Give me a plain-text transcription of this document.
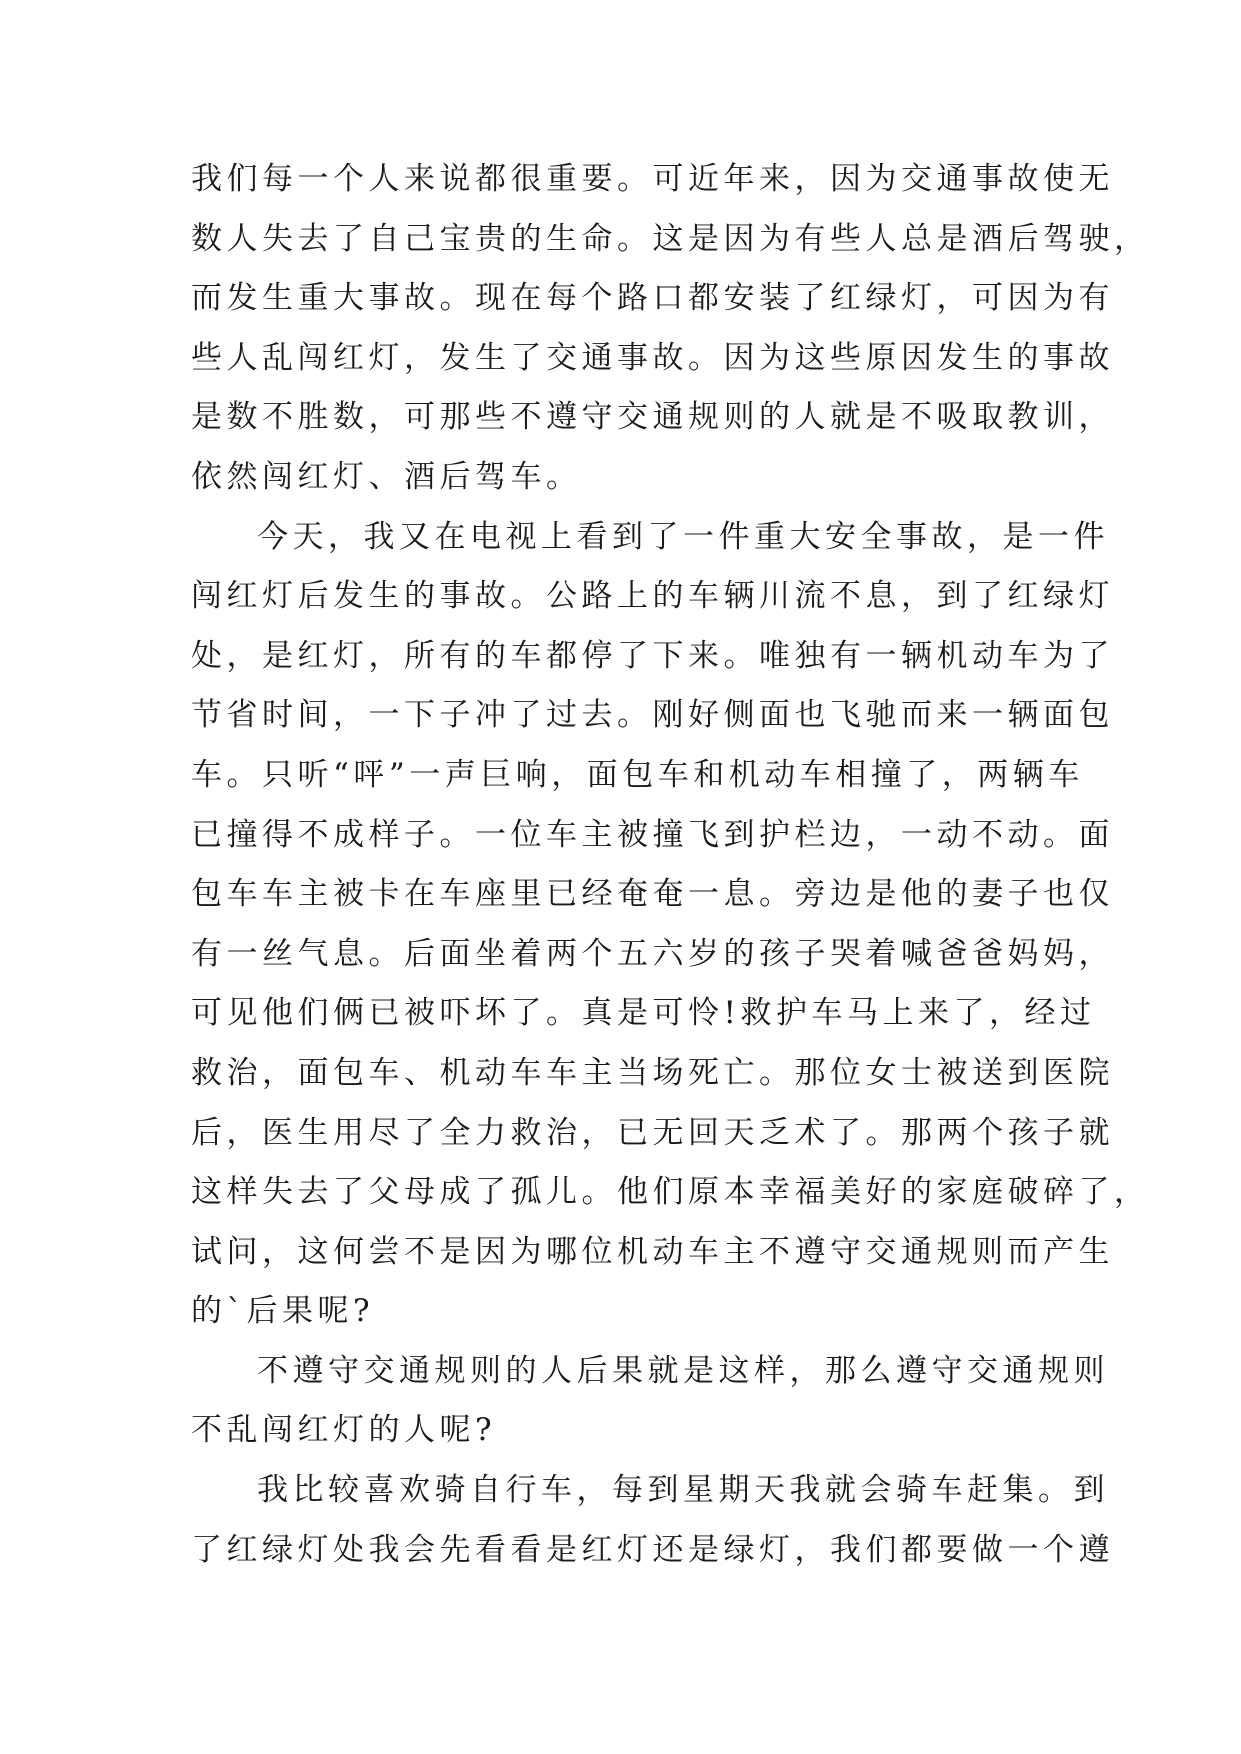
我们每一个人来说都很重要。可近年来，因为交通事故使无
数人失去了自己宝贵的生命。这是因为有些人总是酒后驾驶，
而发生重大事故。现在每个路口都安装了红绿灯，可因为有
些人乱闯红灯，发生了交通事故。因为这些原因发生的事故
是数不胜数，可那些不遵守交通规则的人就是不吸取教训，
依然闯红灯、酒后驾车。
今天，我又在电视上看到了一件重大安全事故，是一件
闯红灯后发生的事故。公路上的车辆川流不息，到了红绿灯
处，是红灯，所有的车都停了下来。唯独有一辆机动车为了
节省时间，一下子冲了过去。刚好侧面也飞驰而来一辆面包
车。只听“呯”一声巨响，面包车和机动车相撞了，两辆车
已撞得不成样子。一位车主被撞飞到护栏边，一动不动。面
包车车主被卡在车座里已经奄奄一息。旁边是他的妻子也仅
有一丝气息。后面坐着两个五六岁的孩子哭着喊爸爸妈妈，
可见他们俩已被吓坏了。真是可怜!救护车马上来了，经过
救治，面包车、机动车车主当场死亡。那位女士被送到医院
后，医生用尽了全力救治，已无回天乏术了。那两个孩子就
这样失去了父母成了孤儿。他们原本幸福美好的家庭破碎了，
试问，这何尝不是因为哪位机动车主不遵守交通规则而产生
的`后果呢?
不遵守交通规则的人后果就是这样，那么遵守交通规则
不乱闯红灯的人呢?
我比较喜欢骑自行车，每到星期天我就会骑车赶集。到
了红绿灯处我会先看看是红灯还是绿灯，我们都要做一个遵
